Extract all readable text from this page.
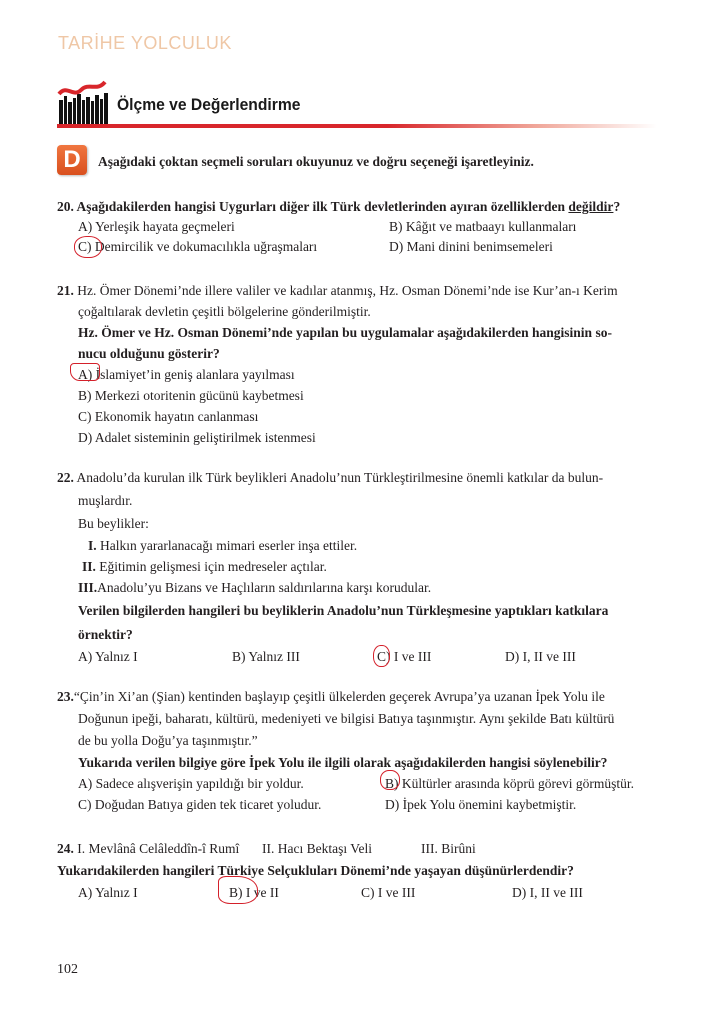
TARİHE YOLCULUK
Ölçme ve Değerlendirme
D Aşağıdaki çoktan seçmeli soruları okuyunuz ve doğru seçeneği işaretleyiniz.
20. Aşağıdakilerden hangisi Uygurları diğer ilk Türk devletlerinden ayıran özelliklerden değildir?
A) Yerleşik hayata geçmeleri	B) Kâğıt ve matbaayı kullanmaları
C) Demircilik ve dokumacılıkla uğraşmaları	D) Mani dinini benimsemeleri
21. Hz. Ömer Dönemi’nde illere valiler ve kadılar atanmış, Hz. Osman Dönemi’nde ise Kur’an-ı Kerim
çoğaltılarak devletin çeşitli bölgelerine gönderilmiştir.
Hz. Ömer ve Hz. Osman Dönemi’nde yapılan bu uygulamalar aşağıdakilerden hangisinin so-
nucu olduğunu gösterir?
A) İslamiyet’in geniş alanlara yayılması
B) Merkezi otoritenin gücünü kaybetmesi
C) Ekonomik hayatın canlanması
D) Adalet sisteminin geliştirilmek istenmesi
22. Anadolu’da kurulan ilk Türk beylikleri Anadolu’nun Türkleştirilmesine önemli katkılar da bulun-
muşlardır.
Bu beylikler:
I. Halkın yararlanacağı mimari eserler inşa ettiler.
II. Eğitimin gelişmesi için medreseler açtılar.
III.Anadolu’yu Bizans ve Haçlıların saldırılarına karşı korudular.
Verilen bilgilerden hangileri bu beyliklerin Anadolu’nun Türkleşmesine yaptıkları katkılara
örnektir?
A) Yalnız I	B) Yalnız III	C) I ve III	D) I, II ve III
23.“Çin’in Xi’an (Şian) kentinden başlayıp çeşitli ülkelerden geçerek Avrupa’ya uzanan İpek Yolu ile
Doğunun ipeği, baharatı, kültürü, medeniyeti ve bilgisi Batıya taşınmıştır. Aynı şekilde Batı kültürü
de bu yolla Doğu’ya taşınmıştır.”
Yukarıda verilen bilgiye göre İpek Yolu ile ilgili olarak aşağıdakilerden hangisi söylenebilir?
A) Sadece alışverişin yapıldığı bir yoldur.	B) Kültürler arasında köprü görevi görmüştür.
C) Doğudan Batıya giden tek ticaret yoludur.	D) İpek Yolu önemini kaybetmiştir.
24. I. Mevlânâ Celâleddîn-î Rumî II. Hacı Bektaşı Veli	III. Birûni
Yukarıdakilerden hangileri Türkiye Selçukluları Dönemi’nde yaşayan düşünürlerdendir?
A) Yalnız I	B) I ve II	C) I ve III	D) I, II ve III
102
